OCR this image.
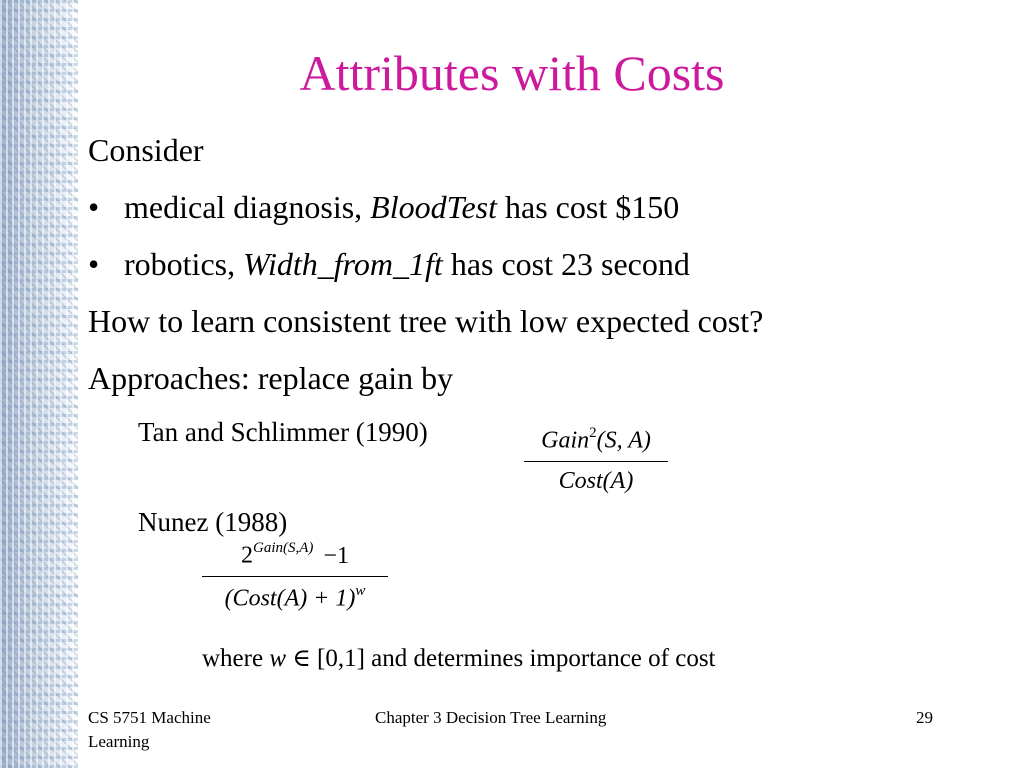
Attributes with Costs
Consider
• medical diagnosis, BloodTest has cost $150
• robotics, Width_from_1ft has cost 23 second
How to learn consistent tree with low expected cost?
Approaches: replace gain by
Tan and Schlimmer (1990)	Gain$^2$(S, A)
Cost(A)
Nunez (1988)
$2^{Gain(S,A)} -1$
(Cost(A) + 1)$^w$
where w ∈ [0,1] and determines importance of cost
CS 5751 Machine
Learning
Chapter 3 Decision Tree Learning	29
